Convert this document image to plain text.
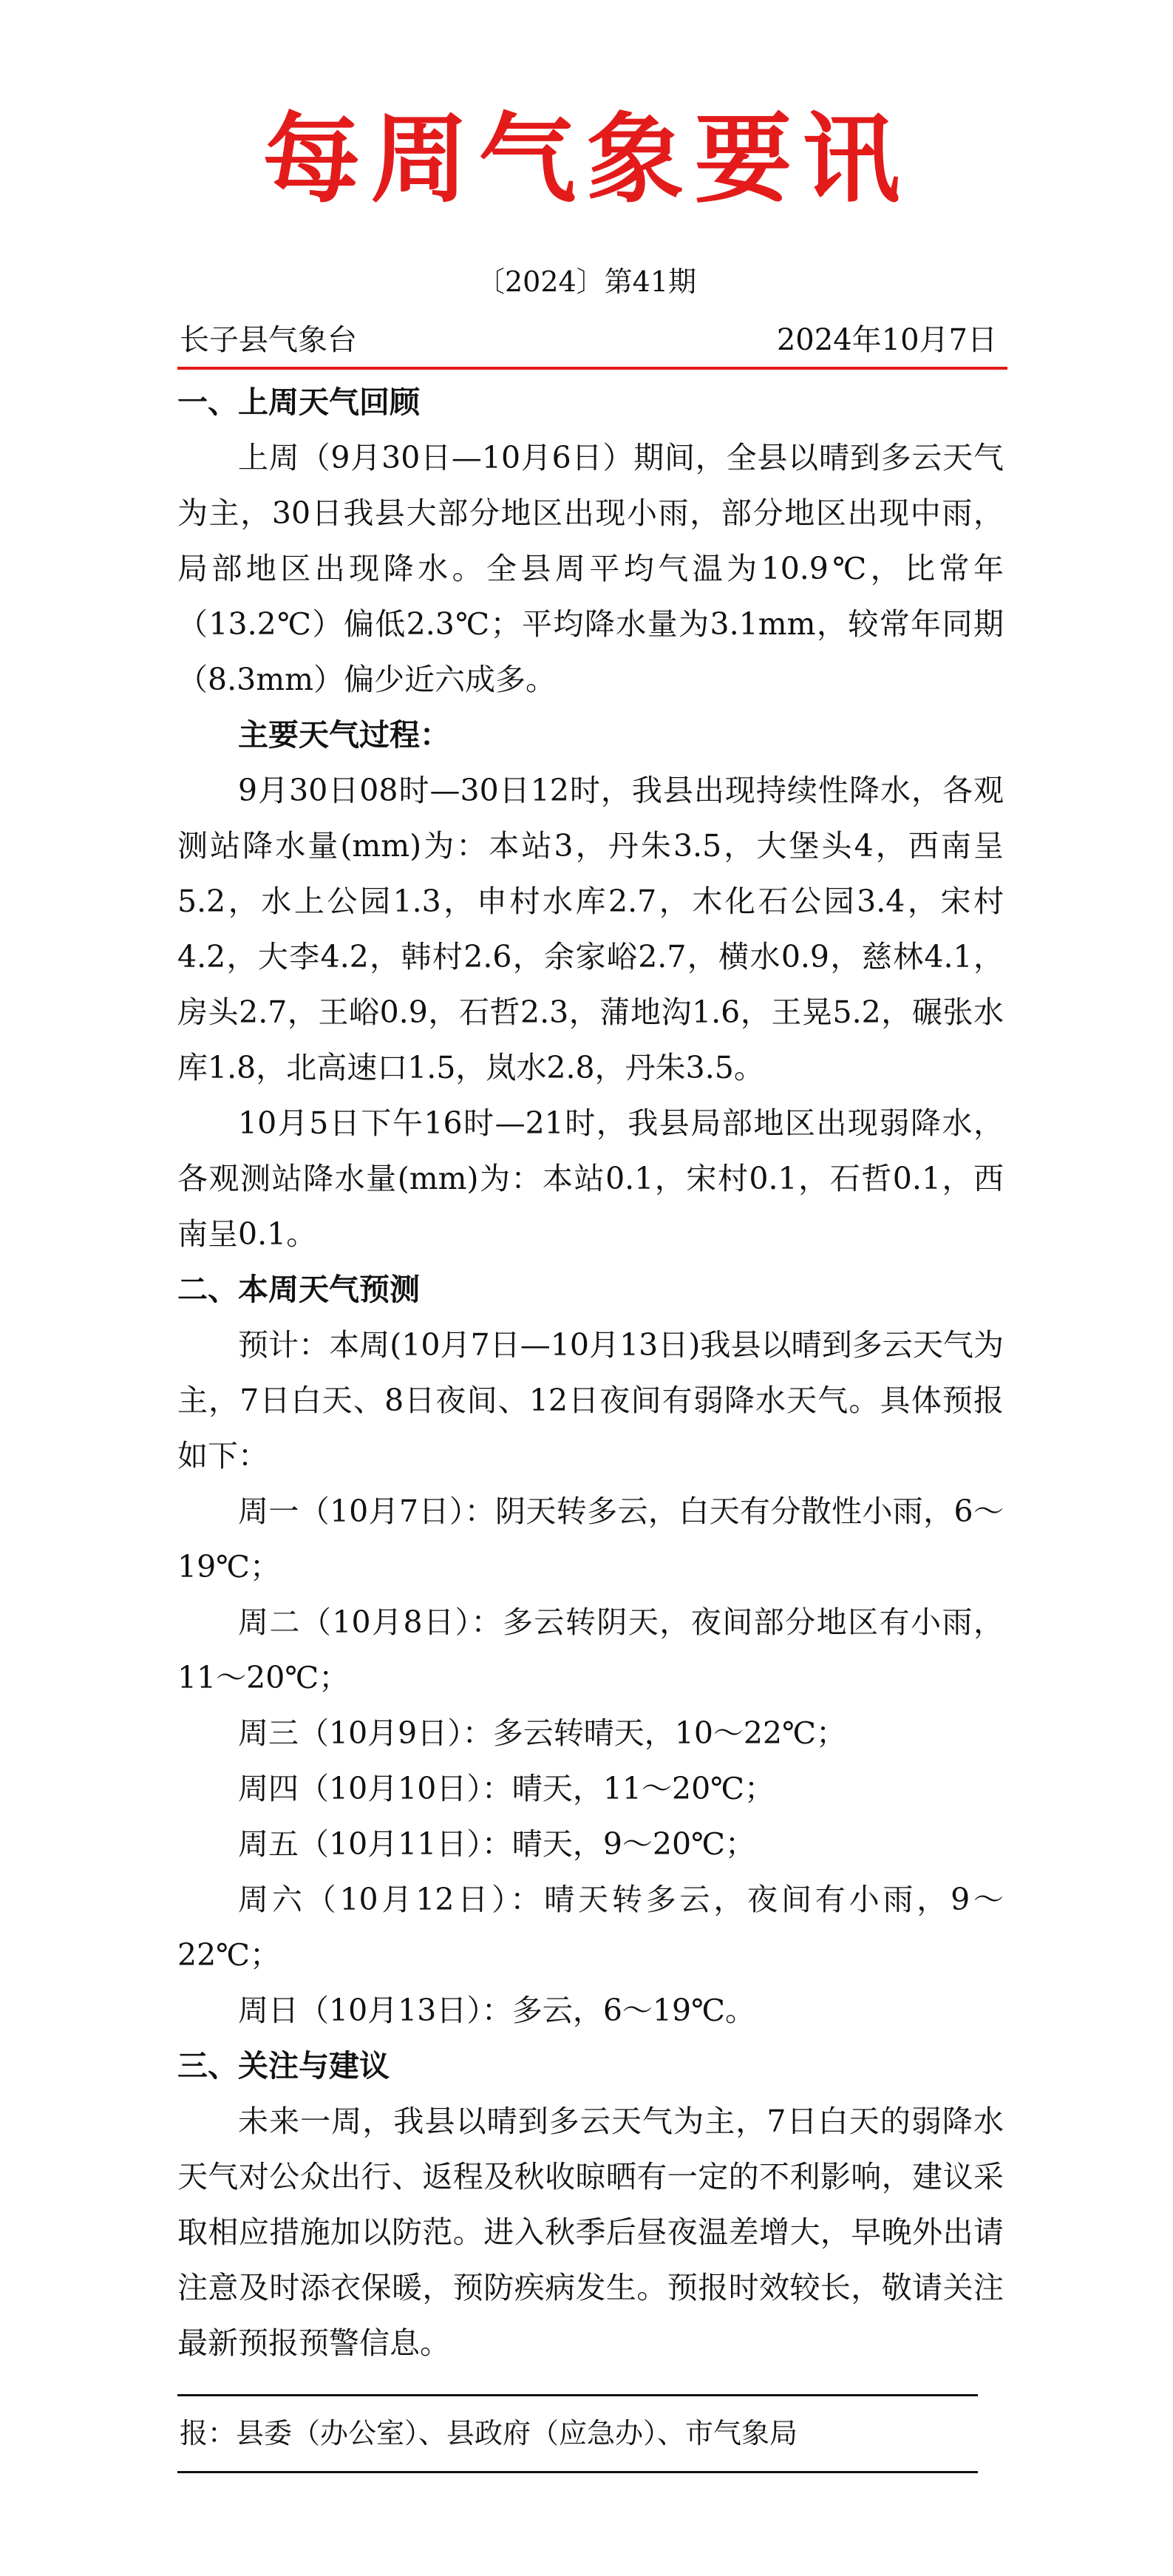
每周气象要讯
〔2024〕第41期
长子县气象台	2024年10月7日

一、上周天气回顾

上周（9月30日—10月6日）期间，全县以晴到多云天气为主，30日我县大部分地区出现小雨，部分地区出现中雨，局部地区出现降水。全县周平均气温为10.9℃，比常年（13.2℃）偏低2.3℃；平均降水量为3.1mm，较常年同期（8.3mm）偏少近六成多。

主要天气过程：

9月30日08时—30日12时，我县出现持续性降水，各观测站降水量(mm)为：本站3，丹朱3.5，大堡头4，西南呈5.2，水上公园1.3，申村水库2.7，木化石公园3.4，宋村4.2，大李4.2，韩村2.6，余家峪2.7，横水0.9，慈林4.1，房头2.7，王峪0.9，石哲2.3，蒲地沟1.6，王晃5.2，碾张水库1.8，北高速口1.5，岚水2.8，丹朱3.5。

10月5日下午16时—21时，我县局部地区出现弱降水，各观测站降水量(mm)为：本站0.1，宋村0.1，石哲0.1，西南呈0.1。

二、本周天气预测

预计：本周(10月7日—10月13日)我县以晴到多云天气为主，7日白天、8日夜间、12日夜间有弱降水天气。具体预报如下：

周一（10月7日）：阴天转多云，白天有分散性小雨，6～19℃；

周二（10月8日）：多云转阴天，夜间部分地区有小雨，11～20℃；

周三（10月9日）：多云转晴天，10～22℃；

周四（10月10日）：晴天，11～20℃；

周五（10月11日）：晴天，9～20℃；

周六（10月12日）：晴天转多云，夜间有小雨，9～22℃；

周日（10月13日）：多云，6～19℃。

三、关注与建议

未来一周，我县以晴到多云天气为主，7日白天的弱降水天气对公众出行、返程及秋收晾晒有一定的不利影响，建议采取相应措施加以防范。进入秋季后昼夜温差增大，早晚外出请注意及时添衣保暖，预防疾病发生。预报时效较长，敬请关注最新预报预警信息。

报：县委（办公室）、县政府（应急办）、市气象局
